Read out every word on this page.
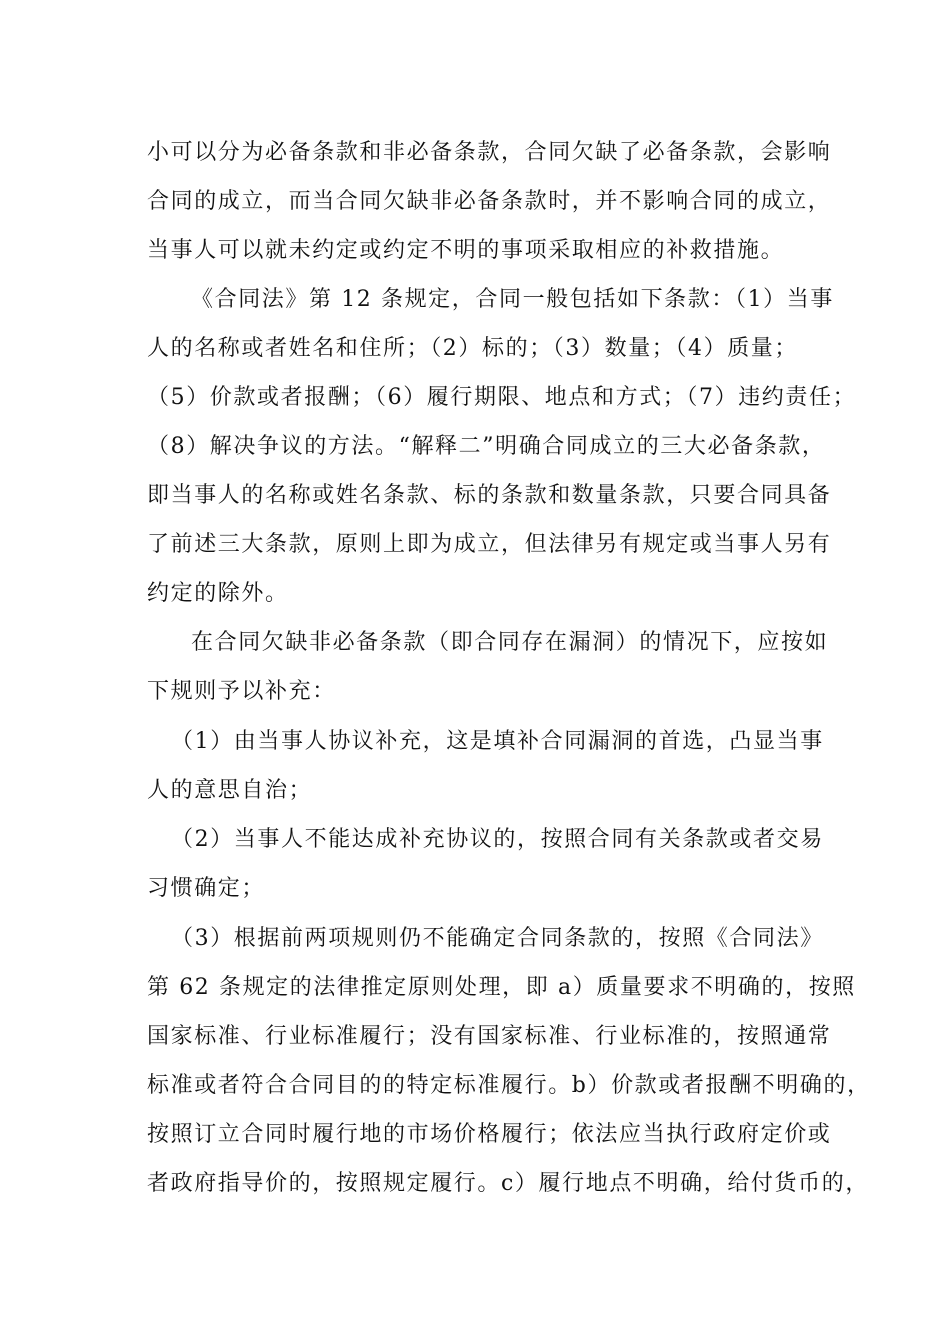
小可以分为必备条款和非必备条款，合同欠缺了必备条款，会影响
合同的成立，而当合同欠缺非必备条款时，并不影响合同的成立，
当事人可以就未约定或约定不明的事项采取相应的补救措施。
《合同法》第 12 条规定，合同一般包括如下条款：（1）当事
人的名称或者姓名和住所；（2）标的；（3）数量；（4）质量；
（5）价款或者报酬；（6）履行期限、地点和方式；（7）违约责任；
（8）解决争议的方法。“解释二”明确合同成立的三大必备条款，
即当事人的名称或姓名条款、标的条款和数量条款，只要合同具备
了前述三大条款，原则上即为成立，但法律另有规定或当事人另有
约定的除外。
在合同欠缺非必备条款（即合同存在漏洞）的情况下，应按如
下规则予以补充：
（1）由当事人协议补充，这是填补合同漏洞的首选，凸显当事
人的意思自治；
（2）当事人不能达成补充协议的，按照合同有关条款或者交易
习惯确定；
（3）根据前两项规则仍不能确定合同条款的，按照《合同法》
第 62 条规定的法律推定原则处理，即 a）质量要求不明确的，按照
国家标准、行业标准履行；没有国家标准、行业标准的，按照通常
标准或者符合合同目的的特定标准履行。b）价款或者报酬不明确的，
按照订立合同时履行地的市场价格履行；依法应当执行政府定价或
者政府指导价的，按照规定履行。c）履行地点不明确，给付货币的，
